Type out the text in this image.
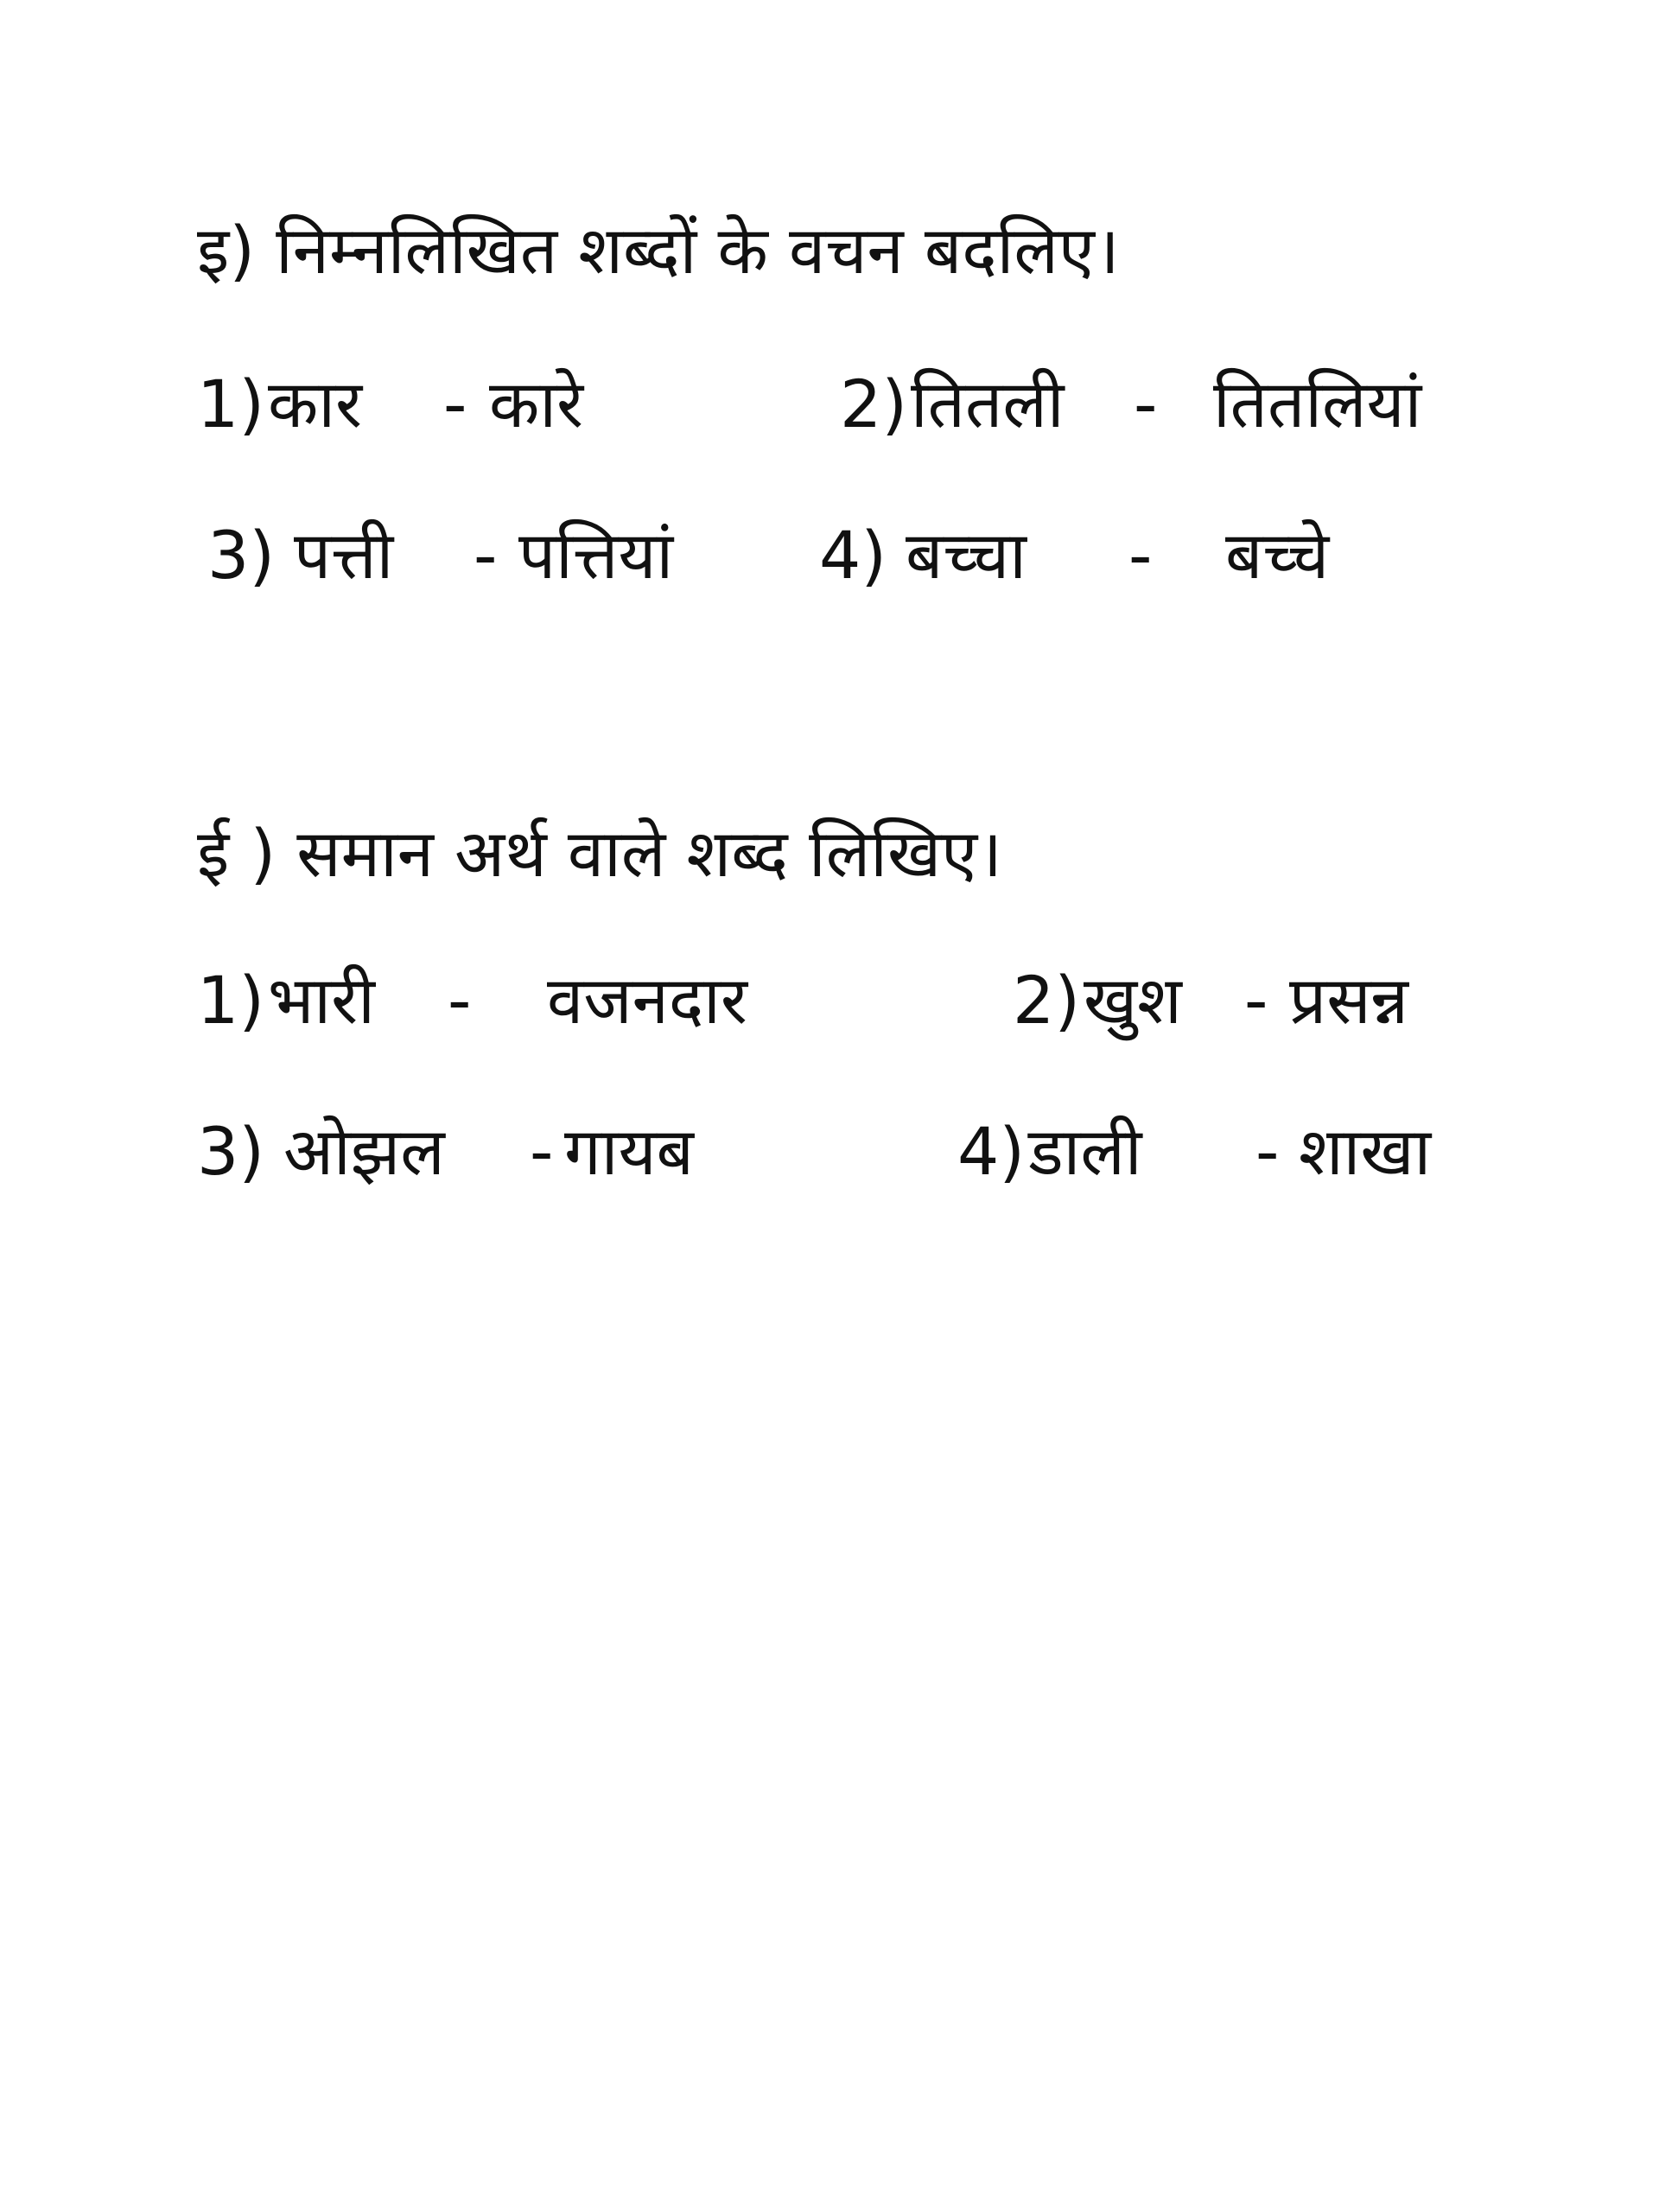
इ) निम्नलिखित शब्दों के वचन बदलिए।
1) कार - कारे	2) तितली - तितलियां
3) पत्ती - पत्तियां 4) बच्चा - बच्चे
ई ) समान अर्थ वाले शब्द लिखिए।
1) भारी - वजनदार	2) खुश - प्रसन्न
3) ओझल - गायब	4) डाली - शाखा
